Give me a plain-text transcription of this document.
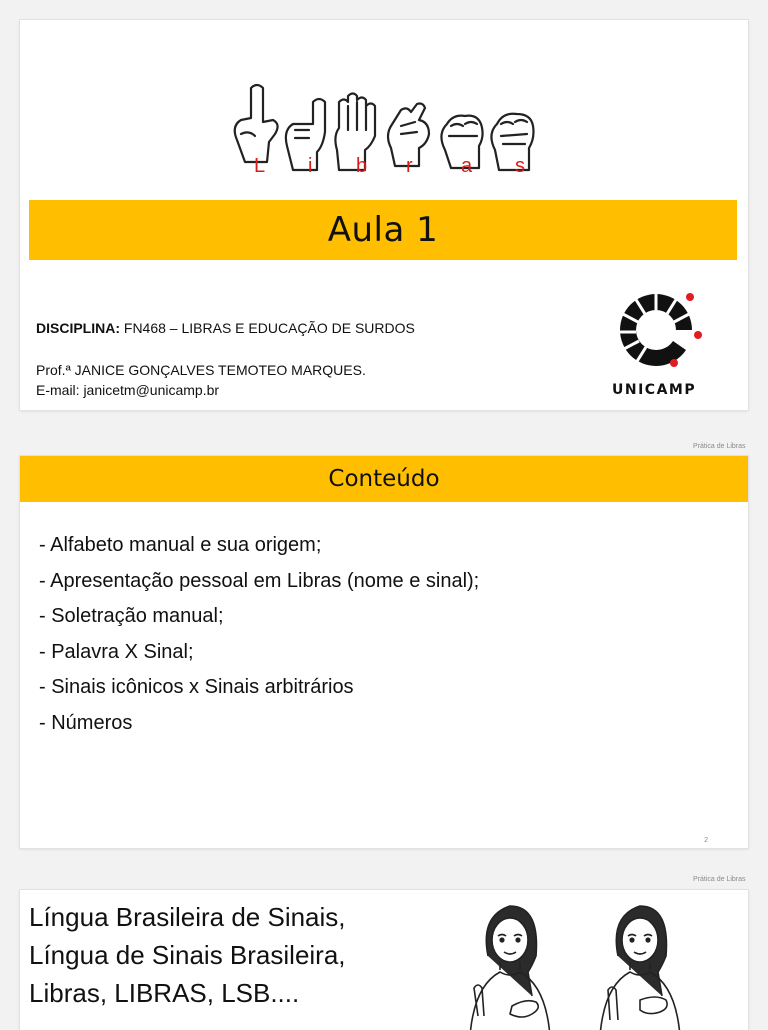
L i b r a s
Aula 1
DISCIPLINA: FN468 – LIBRAS E EDUCAÇÃO DE SURDOS
Prof.ª JANICE GONÇALVES TEMOTEO MARQUES.
E-mail: janicetm@unicamp.br	UNICAMP
Prática de Libras
Conteúdo
- Alfabeto manual e sua origem;
- Apresentação pessoal em Libras (nome e sinal);
- Soletração manual;
- Palavra X Sinal;
- Sinais icônicos x Sinais arbitrários
- Números
2
Prática de Libras
Língua Brasileira de Sinais,
Língua de Sinais Brasileira,
Libras, LIBRAS, LSB....
